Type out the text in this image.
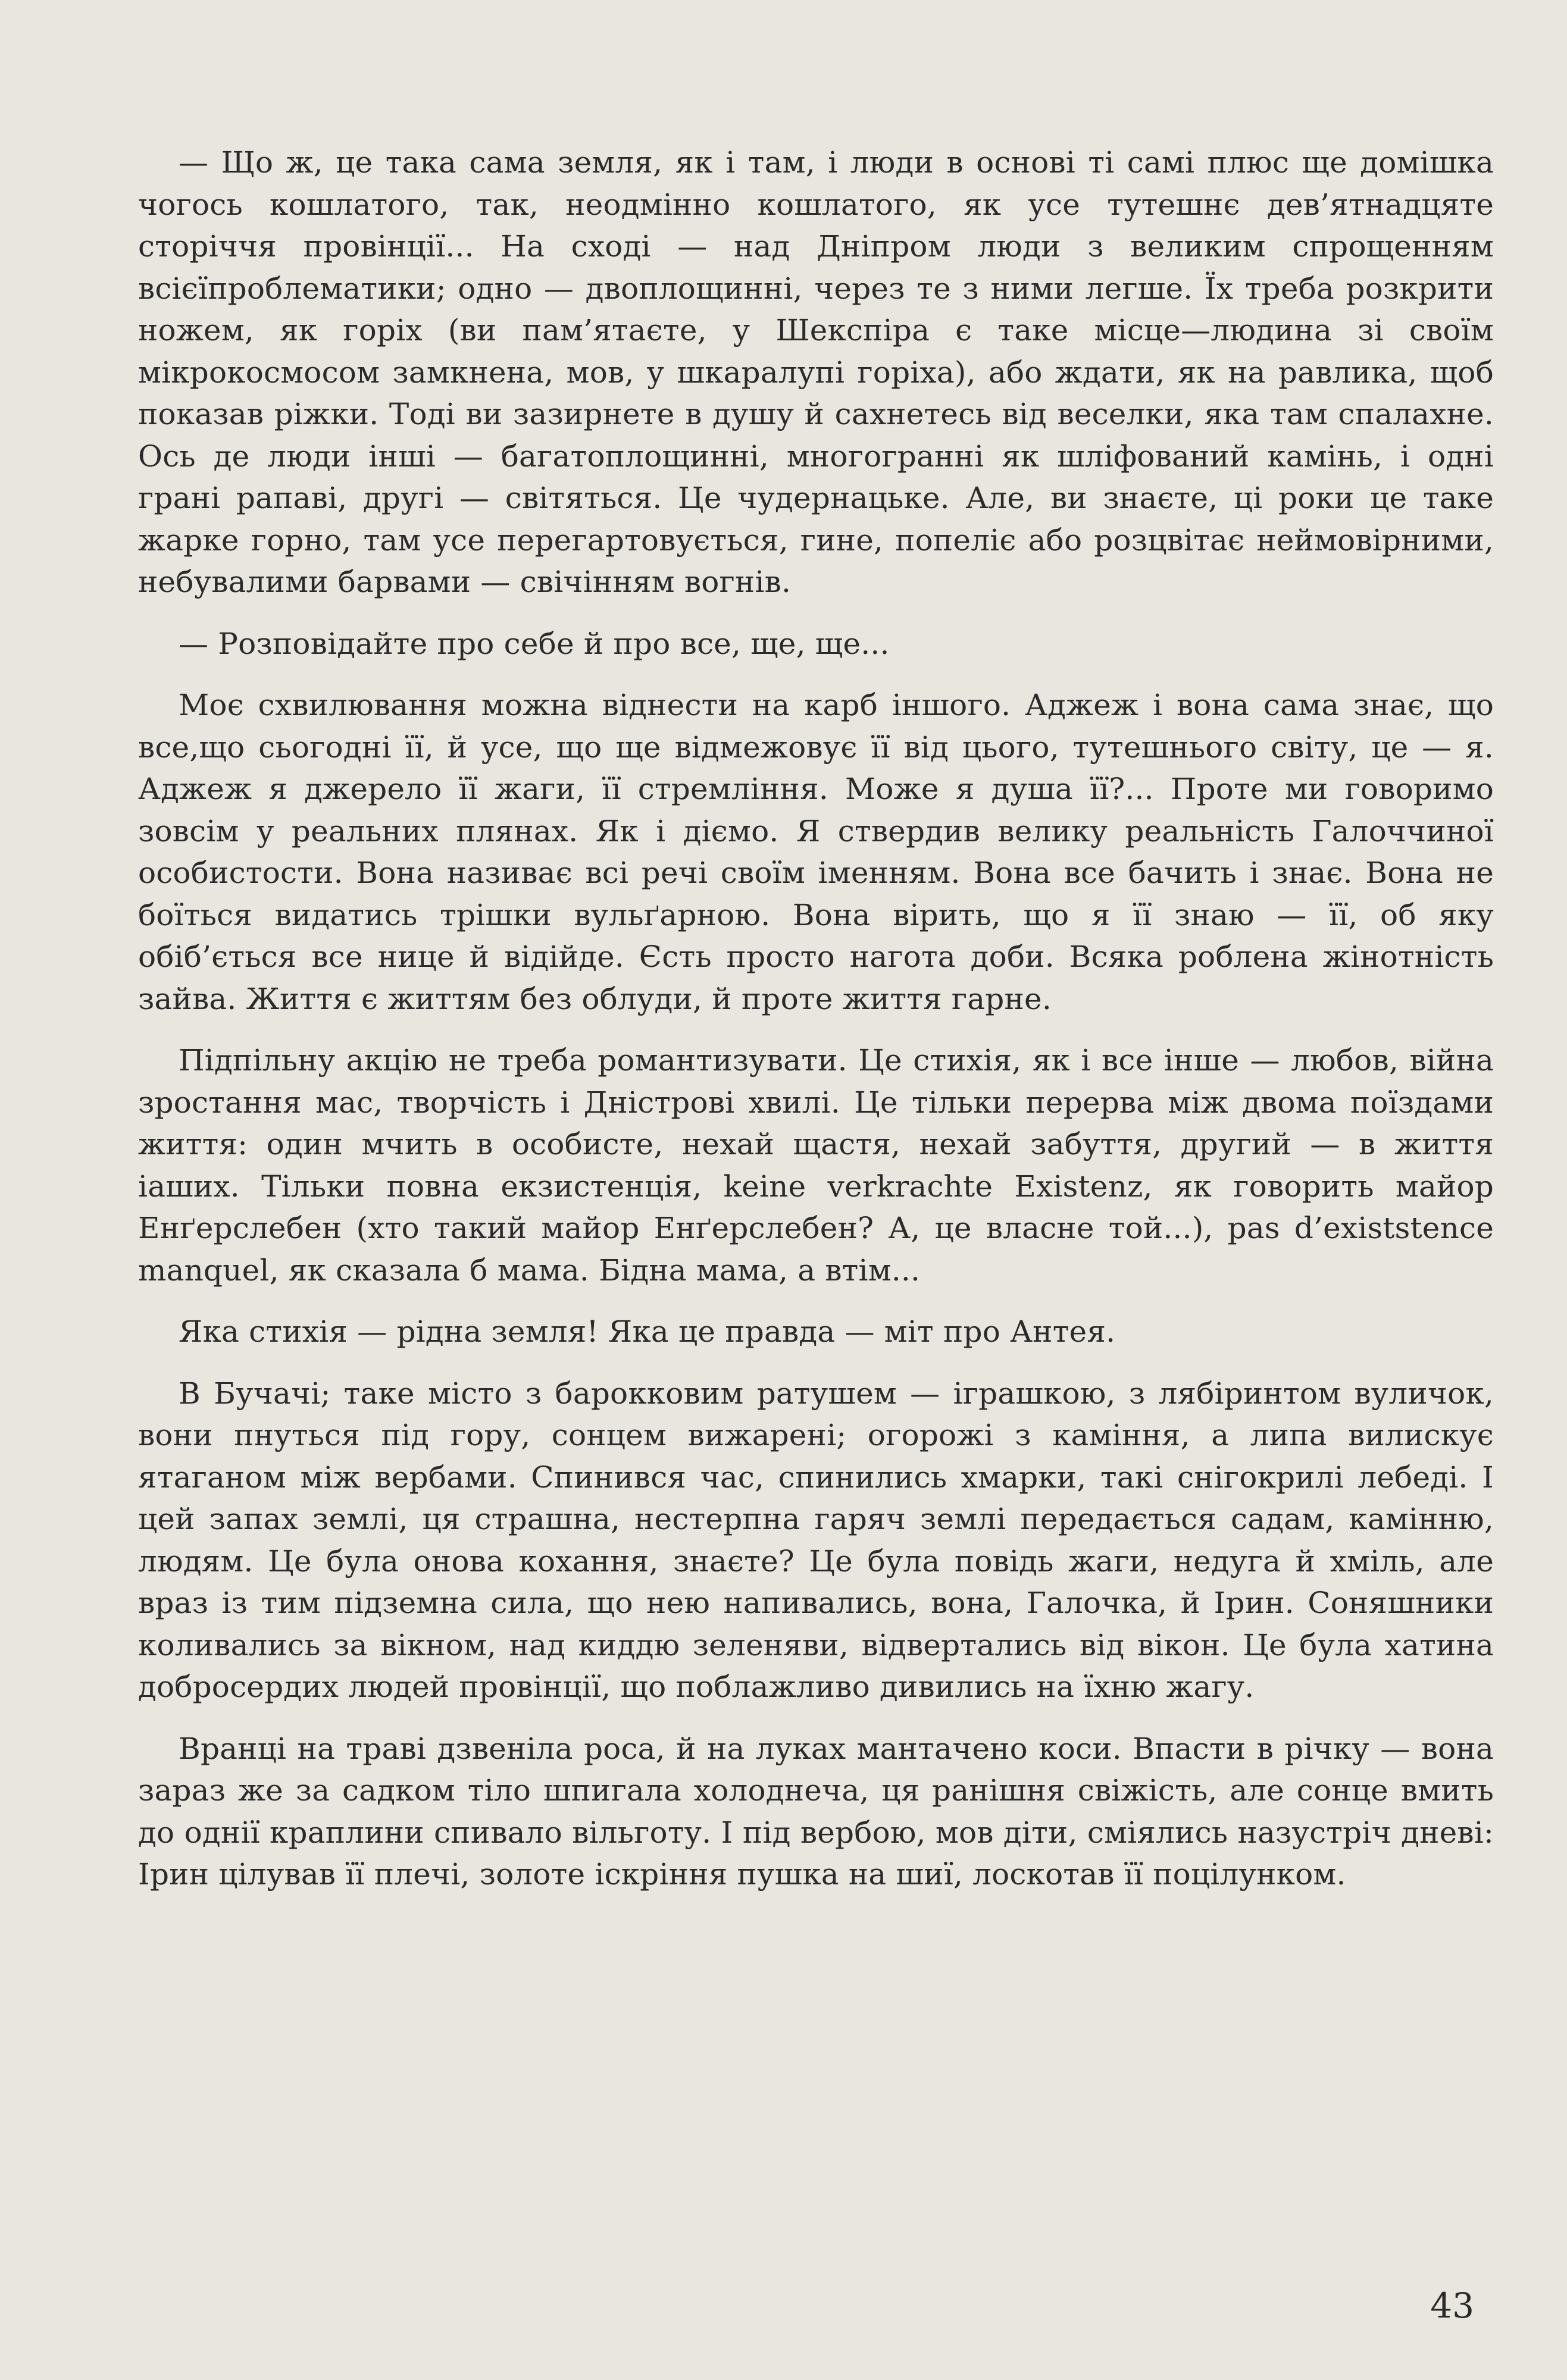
— Що ж, це така сама земля, як і там, і люди в основі ті самі плюс ще домішка чогось кошлатого, так, неодмінно кошлатого, як усе тутешнє дев’ятнадцяте сторіччя провінції... На сході — над Дніпром люди з великим спрощенням всієїпроблематики; одно — двоплощинні, через те з ними легше. Їх треба розкрити ножем, як горіх (ви пам’ятаєте, у Шекспіра є таке місце—людина зі своїм мікрокосмосом замкнена, мов, у шкаралупі горіха), або ждати, як на равлика, щоб показав ріжки. Тоді ви зазирнете в душу й сахнетесь від веселки, яка там спалахне. Ось де люди інші — багатоплощинні, многогранні як шліфований камінь, і одні грані рапаві, другі — світяться. Це чудернацьке. Але, ви знаєте, ці роки це таке жарке горно, там усе перегартовується, гине, попеліє або розцвітає неймовірними, небувалими барвами — свічінням вогнів.

— Розповідайте про себе й про все, ще, ще...

Моє схвилювання можна віднести на карб іншого. Аджеж і вона сама знає, що все,що сьогодні її, й усе, що ще відмежовує її від цього, тутешнього світу, це — я. Аджеж я джерело її жаги, її стремління. Може я душа її?... Проте ми говоримо зовсім у реальних плянах. Як і діємо. Я ствердив велику реальність Галоччиної особистости. Вона називає всі речі своїм іменням. Вона все бачить і знає. Вона не боїться видатись трішки вульґарною. Вона вірить, що я її знаю — її, об яку обіб’ється все нице й відійде. Єсть просто нагота доби. Всяка роблена жінотність зайва. Життя є життям без облуди, й проте життя гарне.

Підпільну акцію не треба романтизувати. Це стихія, як і все інше — любов, війна зростання мас, творчість і Дністрові хвилі. Це тільки перерва між двома поїздами життя: один мчить в особисте, нехай щастя, нехай забуття, другий — в життя іаших. Тільки повна екзистенція, keine verkrachte Existenz, як говорить майор Енґерслебен (хто такий майор Енґерслебен? А, це власне той...), pas d’existstence manquel, як сказала б мама. Бідна мама, а втім...

Яка стихія — рідна земля! Яка це правда — міт про Антея.

В Бучачі; таке місто з барокковим ратушем — іграшкою, з лябіринтом вуличок, вони пнуться під гору, сонцем вижарені; огорожі з каміння, а липа вилискує ятаганом між вербами. Спинився час, спинились хмарки, такі снігокрилі лебеді. І цей запах землі, ця страшна, нестерпна гаряч землі передається садам, камінню, людям. Це була онова кохання, знаєте? Це була повідь жаги, недуга й хміль, але враз із тим підземна сила, що нею напивались, вона, Галочка, й Ірин. Соняшники коливались за вікном, над киддю зеленяви, відвертались від вікон. Це була хатина добросердих людей провінції, що поблажливо дивились на їхню жагу.

Вранці на траві дзвеніла роса, й на луках мантачено коси. Впасти в річку — вона зараз же за садком тіло шпигала холоднеча, ця ранішня свіжість, але сонце вмить до однії краплини спивало вільготу. І під вербою, мов діти, сміялись назустріч дневі: Ірин цілував її плечі, золоте іскріння пушка на шиї, лоскотав її поцілунком.

43
